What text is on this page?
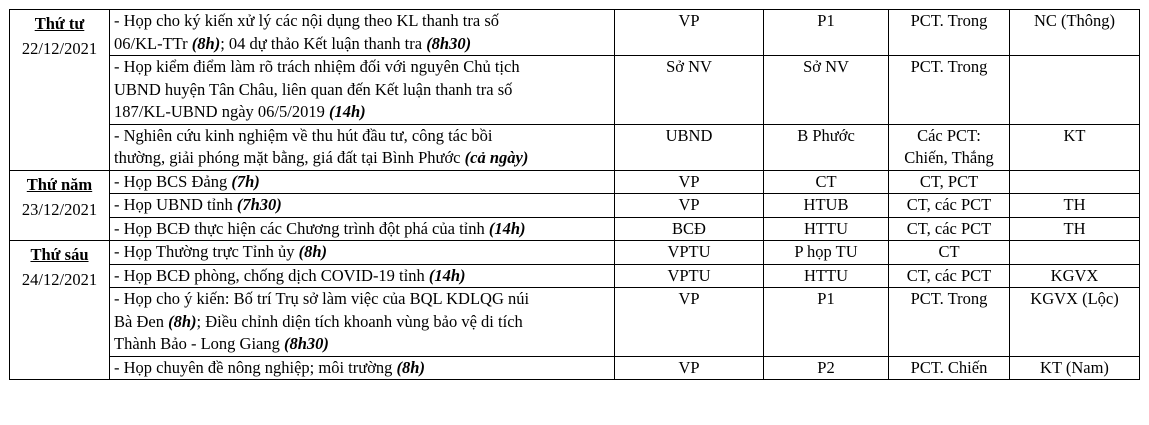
Thứ tư
22/12/2021	- Họp cho ký kiến xử lý các nội dụng theo KL thanh tra số
06/KL-TTr (8h); 04 dự thảo Kết luận thanh tra (8h30)	VP	P1	PCT. Trong	NC (Thông)

	- Họp kiểm điểm làm rõ trách nhiệm đối với nguyên Chủ tịch
UBND huyện Tân Châu, liên quan đến Kết luận thanh tra số
187/KL-UBND ngày 06/5/2019 (14h)	Sở NV	Sở NV	PCT. Trong	

	- Nghiên cứu kinh nghiệm về thu hút đầu tư, công tác bồi
thường, giải phóng mặt bằng, giá đất tại Bình Phước (cả ngày)	UBND	B Phước	Các PCT:
Chiến, Thắng	KT

Thứ năm
23/12/2021	- Họp BCS Đảng (7h)	VP	CT	CT, PCT	

	- Họp UBND tỉnh (7h30)	VP	HTUB	CT, các PCT	TH

	- Họp BCĐ thực hiện các Chương trình đột phá của tỉnh (14h)	BCĐ	HTTU	CT, các PCT	TH

Thứ sáu
24/12/2021	- Họp Thường trực Tỉnh ủy (8h)	VPTU	P họp TU	CT	

	- Họp BCĐ phòng, chống dịch COVID-19 tỉnh (14h)	VPTU	HTTU	CT, các PCT	KGVX

	- Họp cho ý kiến: Bố trí Trụ sở làm việc của BQL KDLQG núi
Bà Đen (8h); Điều chỉnh diện tích khoanh vùng bảo vệ di tích
Thành Bảo - Long Giang (8h30)	VP	P1	PCT. Trong	KGVX (Lộc)

	- Họp chuyên đề nông nghiệp; môi trường (8h)	VP	P2	PCT. Chiến	KT (Nam)
